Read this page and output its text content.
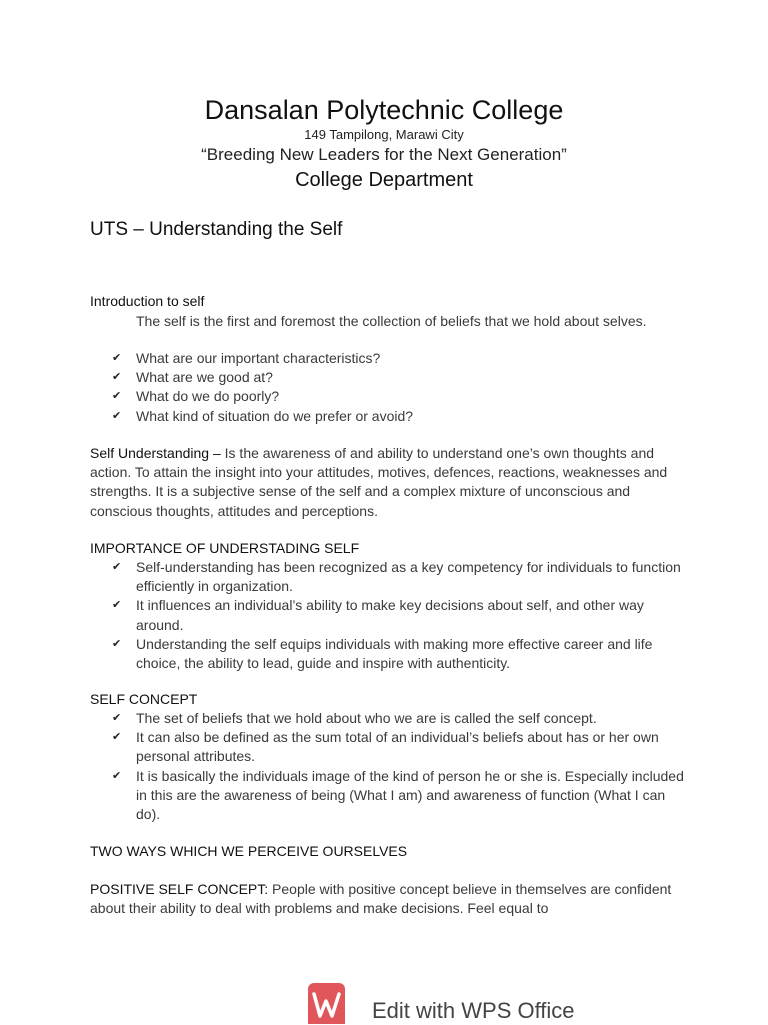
Dansalan Polytechnic College
149 Tampilong, Marawi City
“Breeding New Leaders for the Next Generation”
College Department
UTS – Understanding the Self
Introduction to self

The self is the first and foremost the collection of beliefs that we hold about selves.

✔ What are our important characteristics?
✔ What are we good at?
✔ What do we do poorly?
✔ What kind of situation do we prefer or avoid?

Self Understanding – Is the awareness of and ability to understand one’s own thoughts and action. To attain the insight into your attitudes, motives, defences, reactions, weaknesses and strengths. It is a subjective sense of the self and a complex mixture of unconscious and conscious thoughts, attitudes and perceptions.

IMPORTANCE OF UNDERSTADING SELF
✔ Self-understanding has been recognized as a key competency for individuals to function efficiently in organization.
✔ It influences an individual’s ability to make key decisions about self, and other way around.
✔ Understanding the self equips individuals with making more effective career and life choice, the ability to lead, guide and inspire with authenticity.
SELF CONCEPT
✔ The set of beliefs that we hold about who we are is called the self concept.
✔ It can also be defined as the sum total of an individual’s beliefs about has or her own personal attributes.
✔ It is basically the individuals image of the kind of person he or she is. Especially included in this are the awareness of being (What I am) and awareness of function (What I can do).
TWO WAYS WHICH WE PERCEIVE OURSELVES

POSITIVE SELF CONCEPT: People with positive concept believe in themselves are confident about their ability to deal with problems and make decisions. Feel equal to

Edit with WPS Office
